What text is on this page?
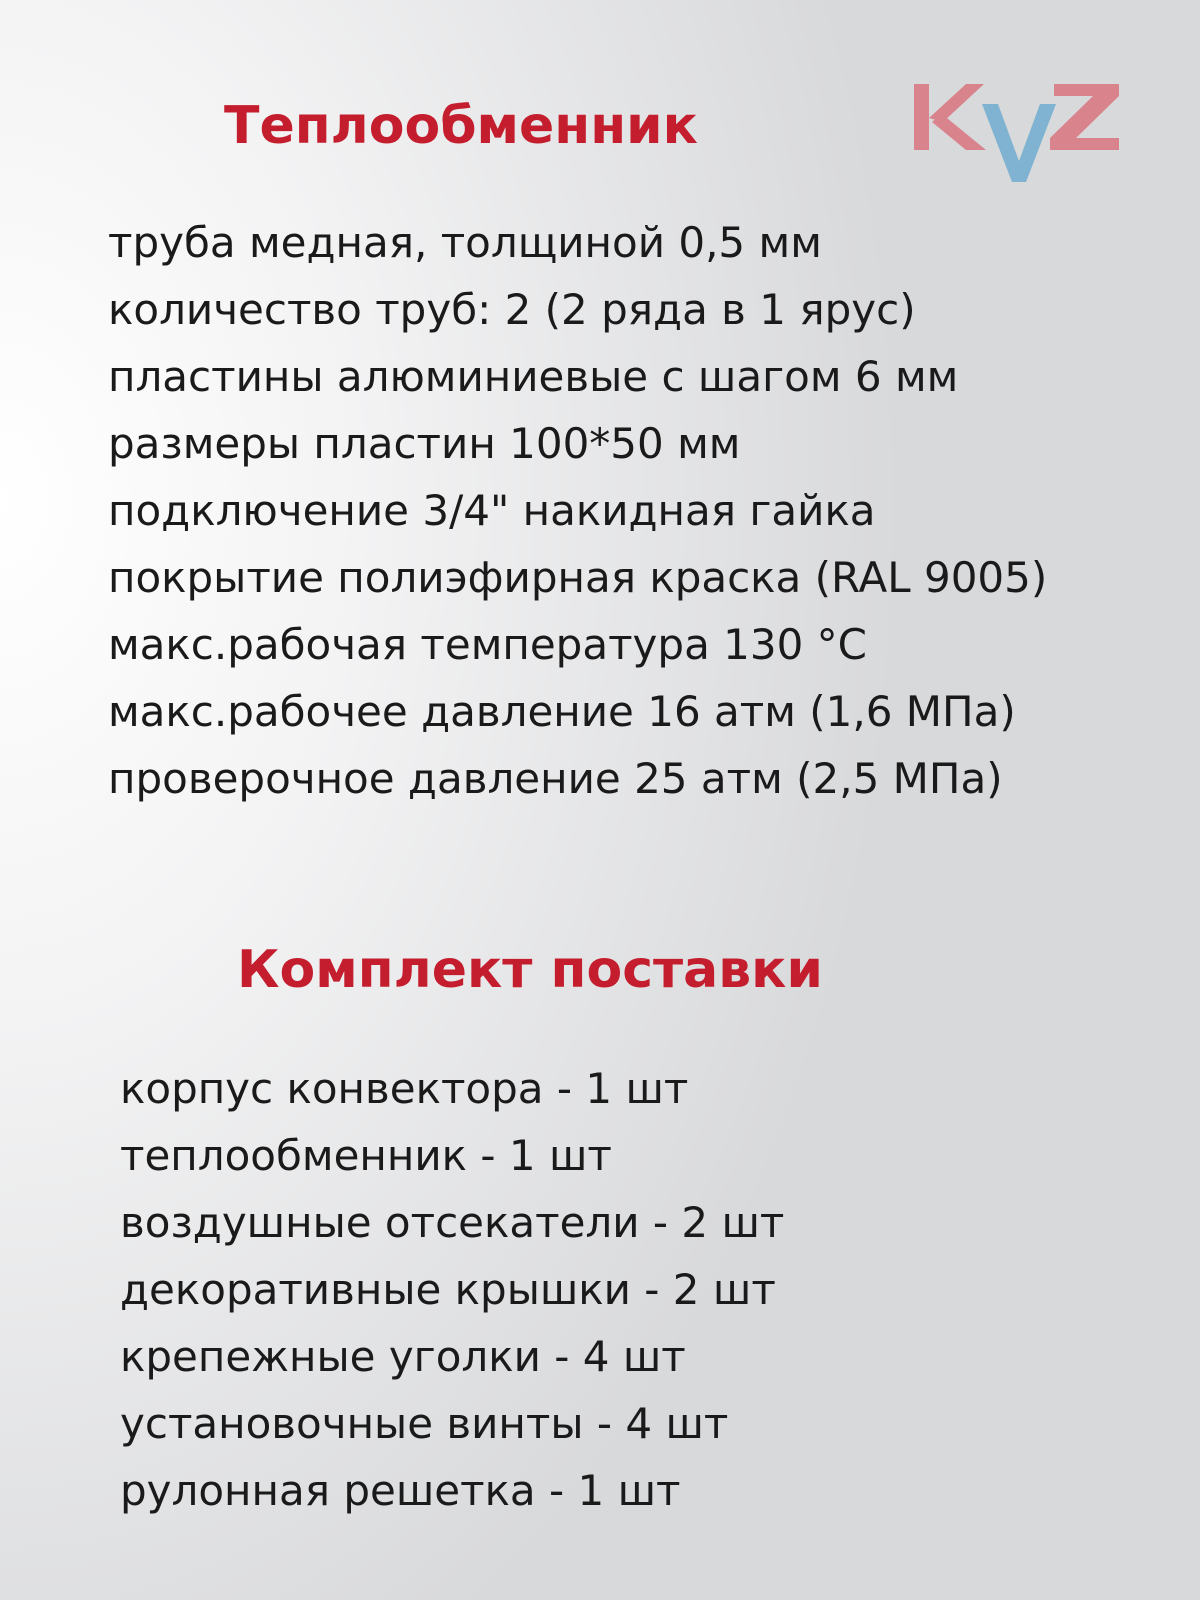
Теплообменник
труба медная, толщиной 0,5 мм
количество труб: 2 (2 ряда в 1 ярус)
пластины алюминиевые с шагом 6 мм
размеры пластин 100*50 мм
подключение 3/4" накидная гайка
покрытие полиэфирная краска (RAL 9005)
макс.рабочая температура 130 °С
макс.рабочее давление 16 атм (1,6 МПа)
проверочное давление 25 атм (2,5 МПа)
Комплект поставки
корпус конвектора - 1 шт
теплообменник - 1 шт
воздушные отсекатели - 2 шт
декоративные крышки - 2 шт
крепежные уголки - 4 шт
установочные винты - 4 шт
рулонная решетка - 1 шт
